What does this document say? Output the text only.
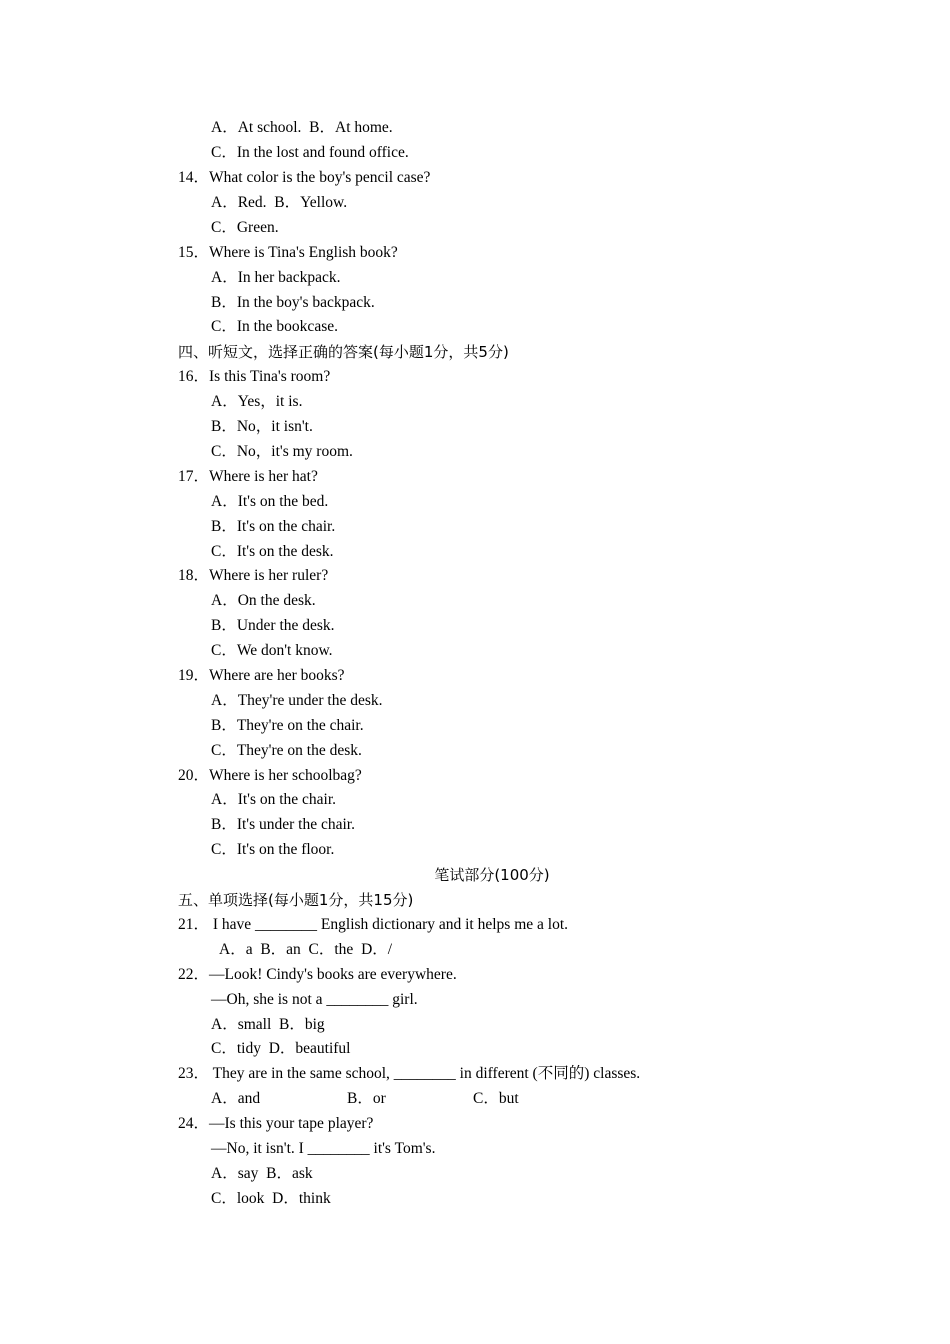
A．At school.  B．At home.
C．In the lost and found office.
14．What color is the boy's pencil case?
A．Red.  B．Yellow.
C．Green.
15．Where is Tina's English book?
A．In her backpack.
B．In the boy's backpack.
C．In the bookcase.
四、听短文，选择正确的答案(每小题1分，共5分)
16．Is this Tina's room?
A．Yes，it is.
B．No，it isn't.
C．No，it's my room.
17．Where is her hat?
A．It's on the bed.
B．It's on the chair.
C．It's on the desk.
18．Where is her ruler?
A．On the desk.
B．Under the desk.
C．We don't know.
19．Where are her books?
A．They're under the desk.
B．They're on the chair.
C．They're on the desk.
20．Where is her schoolbag?
A．It's on the chair.
B．It's under the chair.
C．It's on the floor.
笔试部分(100分)
五、单项选择(每小题1分，共15分)
21． I have ________ English dictionary and it helps me a lot.
A．a  B．an  C．the  D．/
22．—Look! Cindy's books are everywhere.
—Oh, she is not a ________ girl.
A．small  B．big
C．tidy  D．beautiful
23． They are in the same school, ________ in different (不同的) classes.
A．and	B．or	C．but
24．—Is this your tape player?
—No, it isn't. I ________ it's Tom's.
A．say  B．ask
C．look  D．think
